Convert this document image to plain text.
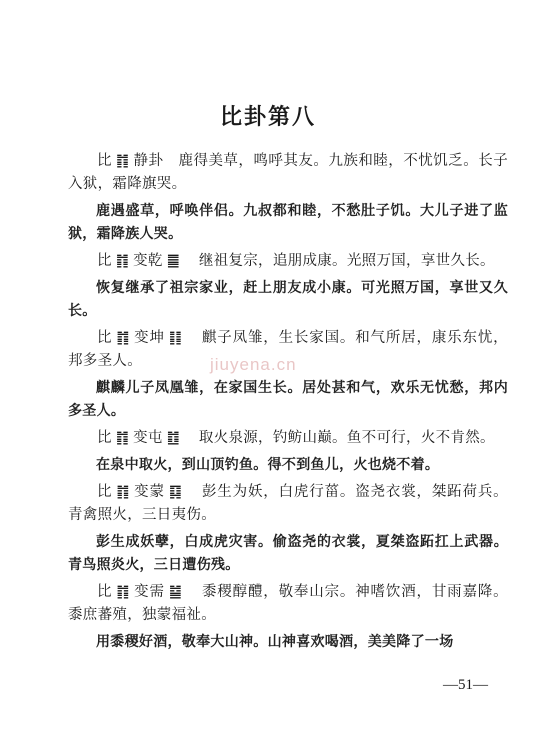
比卦第八

比 ䷇ 静卦　鹿得美草，鸣呼其友。九族和睦，不忧饥乏。长子入狱，霜降旗哭。

鹿遇盛草，呼唤伴侣。九叔都和睦，不愁肚子饥。大儿子进了监狱，霜降族人哭。

比 ䷇ 变乾 ䷀　继祖复宗，追朋成康。光照万国，享世久长。

恢复继承了祖宗家业，赶上朋友成小康。可光照万国，享世又久长。

比 ䷇ 变坤 ䷁　麒子凤雏，生长家国。和气所居，康乐东忧，邦多圣人。

麒麟儿子凤凰雏，在家国生长。居处甚和气，欢乐无忧愁，邦内多圣人。

比 ䷇ 变屯 ䷂　取火泉源，钓鲂山巅。鱼不可行，火不肯然。

在泉中取火，到山顶钓鱼。得不到鱼儿，火也烧不着。

比 ䷇ 变蒙 ䷃　彭生为妖，白虎行菑。盗尧衣裳，桀跖荷兵。青禽照火，三日夷伤。

彭生成妖孽，白成虎灾害。偷盗尧的衣裳，夏桀盗跖扛上武器。青鸟照炎火，三日遭伤残。

比 ䷇ 变需 ䷄　黍稷醇醴，敬奉山宗。神嗜饮酒，甘雨嘉降。黍庶蕃殖，独蒙福祉。

用黍稷好酒，敬奉大山神。山神喜欢喝酒，美美降了一场

jiuyena.cn
—51—
